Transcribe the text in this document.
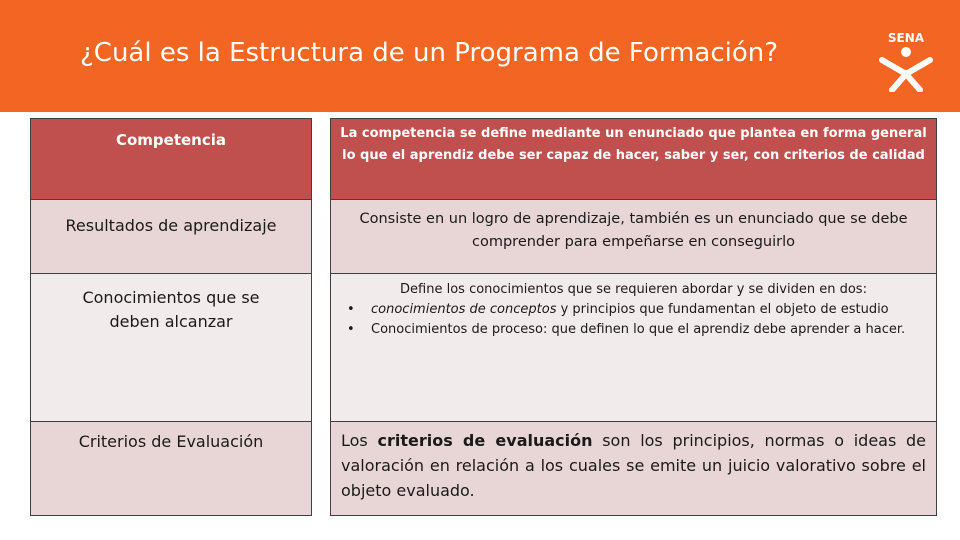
¿Cuál es la Estructura de un Programa de Formación?	SENA
Competencia
Resultados de aprendizaje
Conocimientos que se deben alcanzar
Criterios de Evaluación
La competencia se define mediante un enunciado que plantea en forma general lo que el aprendiz debe ser capaz de hacer, saber y ser, con criterios de calidad
Consiste en un logro de aprendizaje, también es un enunciado que se debe comprender para empeñarse en conseguirlo
Define los conocimientos que se requieren abordar y se dividen en dos:
• conocimientos de conceptos y principios que fundamentan el objeto de estudio
• Conocimientos de proceso: que definen lo que el aprendiz debe aprender a hacer.
Los criterios de evaluación son los principios, normas o ideas de valoración en relación a los cuales se emite un juicio valorativo sobre el objeto evaluado.
